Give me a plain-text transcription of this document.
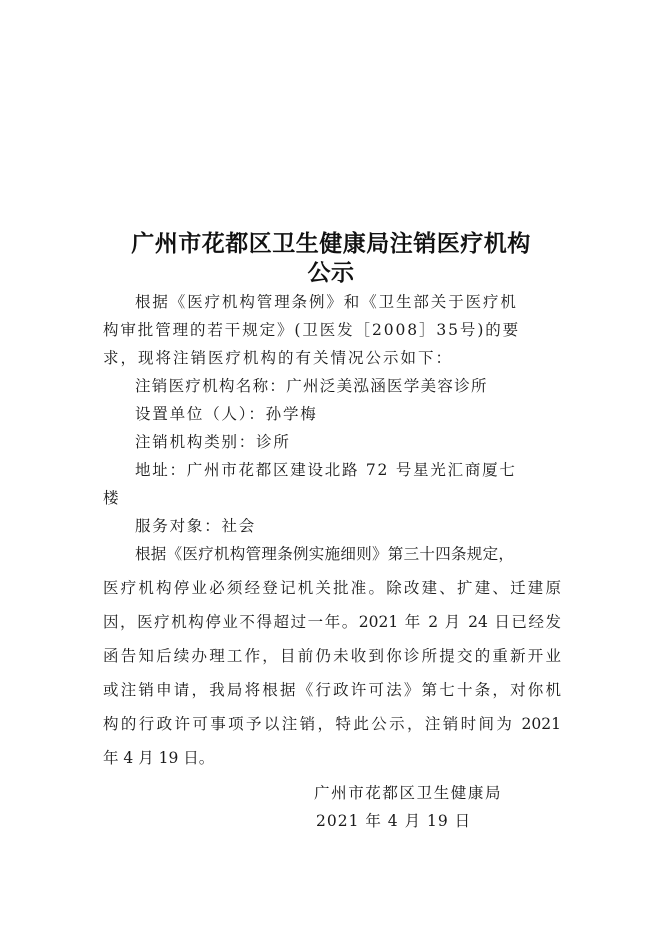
广州市花都区卫生健康局注销医疗机构
公示
根据《医疗机构管理条例》和《卫生部关于医疗机
构审批管理的若干规定》(卫医发［2008］35号)的要
求，现将注销医疗机构的有关情况公示如下：
注销医疗机构名称：广州泛美泓涵医学美容诊所
设置单位（人）：孙学梅
注销机构类别：诊所
地址：广州市花都区建设北路 72 号星光汇商厦七
楼
服务对象：社会
根据《医疗机构管理条例实施细则》第三十四条规定，
医疗机构停业必须经登记机关批准。除改建、扩建、迁建原
因，医疗机构停业不得超过一年。2021 年 2 月 24 日已经发
函告知后续办理工作，目前仍未收到你诊所提交的重新开业
或注销申请，我局将根据《行政许可法》第七十条，对你机
构的行政许可事项予以注销，特此公示，注销时间为 2021
年 4 月 19 日。
广州市花都区卫生健康局
2021 年 4 月 19 日
